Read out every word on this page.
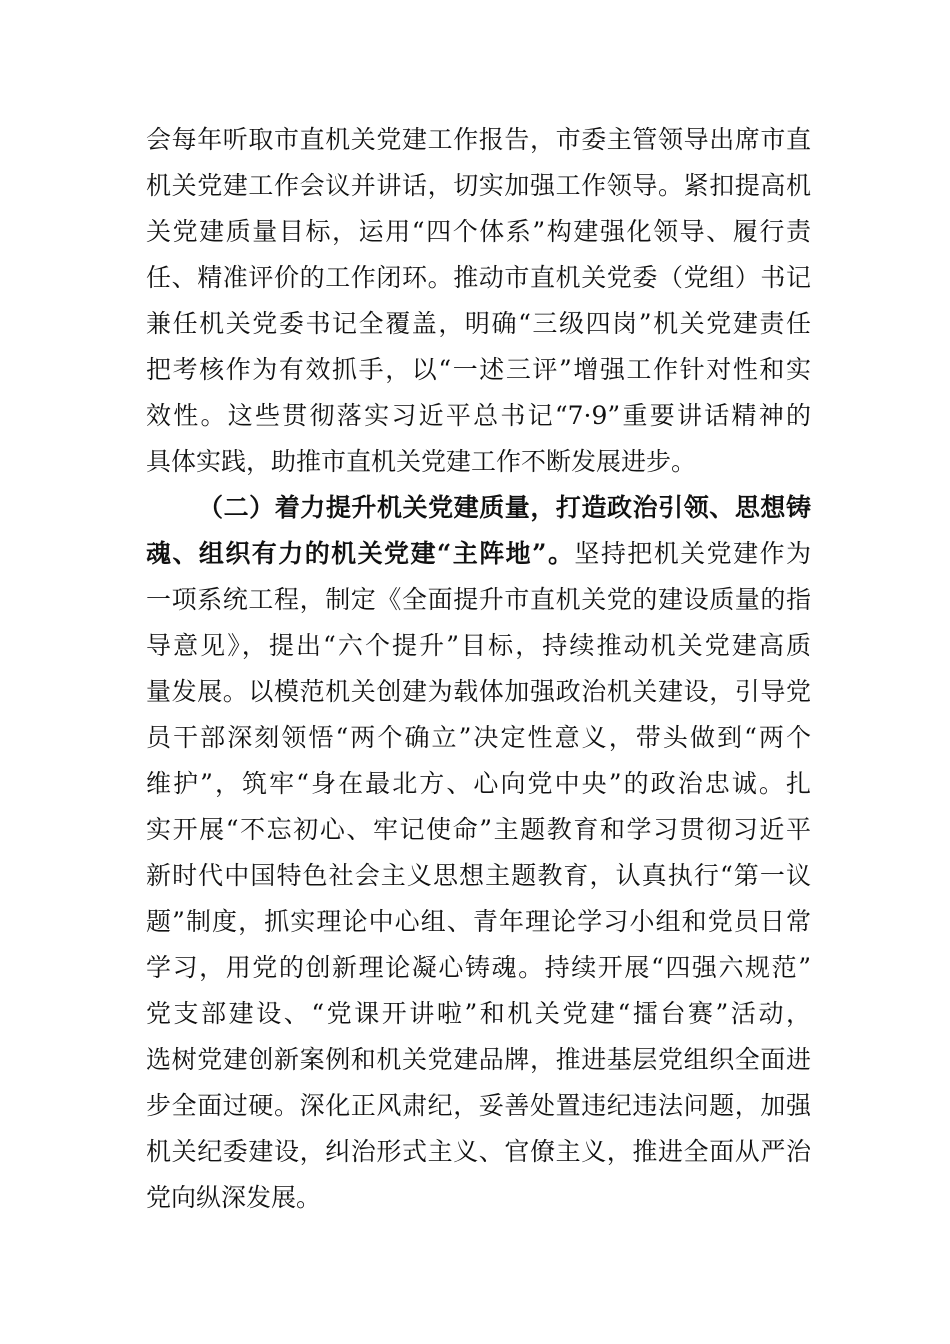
会每年听取市直机关党建工作报告，市委主管领导出席市直
机关党建工作会议并讲话，切实加强工作领导。紧扣提高机
关党建质量目标，运用“四个体系”构建强化领导、履行责
任、精准评价的工作闭环。推动市直机关党委（党组）书记
兼任机关党委书记全覆盖，明确“三级四岗”机关党建责任
把考核作为有效抓手，以“一述三评”增强工作针对性和实
效性。这些贯彻落实习近平总书记“7·9”重要讲话精神的
具体实践，助推市直机关党建工作不断发展进步。
（二）着力提升机关党建质量，打造政治引领、思想铸
魂、组织有力的机关党建“主阵地”。坚持把机关党建作为
一项系统工程，制定《全面提升市直机关党的建设质量的指
导意见》，提出“六个提升”目标，持续推动机关党建高质
量发展。以模范机关创建为载体加强政治机关建设，引导党
员干部深刻领悟“两个确立”决定性意义，带头做到“两个
维护”，筑牢“身在最北方、心向党中央”的政治忠诚。扎
实开展“不忘初心、牢记使命”主题教育和学习贯彻习近平
新时代中国特色社会主义思想主题教育，认真执行“第一议
题”制度，抓实理论中心组、青年理论学习小组和党员日常
学习，用党的创新理论凝心铸魂。持续开展“四强六规范”
党支部建设、“党课开讲啦”和机关党建“擂台赛”活动，
选树党建创新案例和机关党建品牌，推进基层党组织全面进
步全面过硬。深化正风肃纪，妥善处置违纪违法问题，加强
机关纪委建设，纠治形式主义、官僚主义，推进全面从严治
党向纵深发展。
